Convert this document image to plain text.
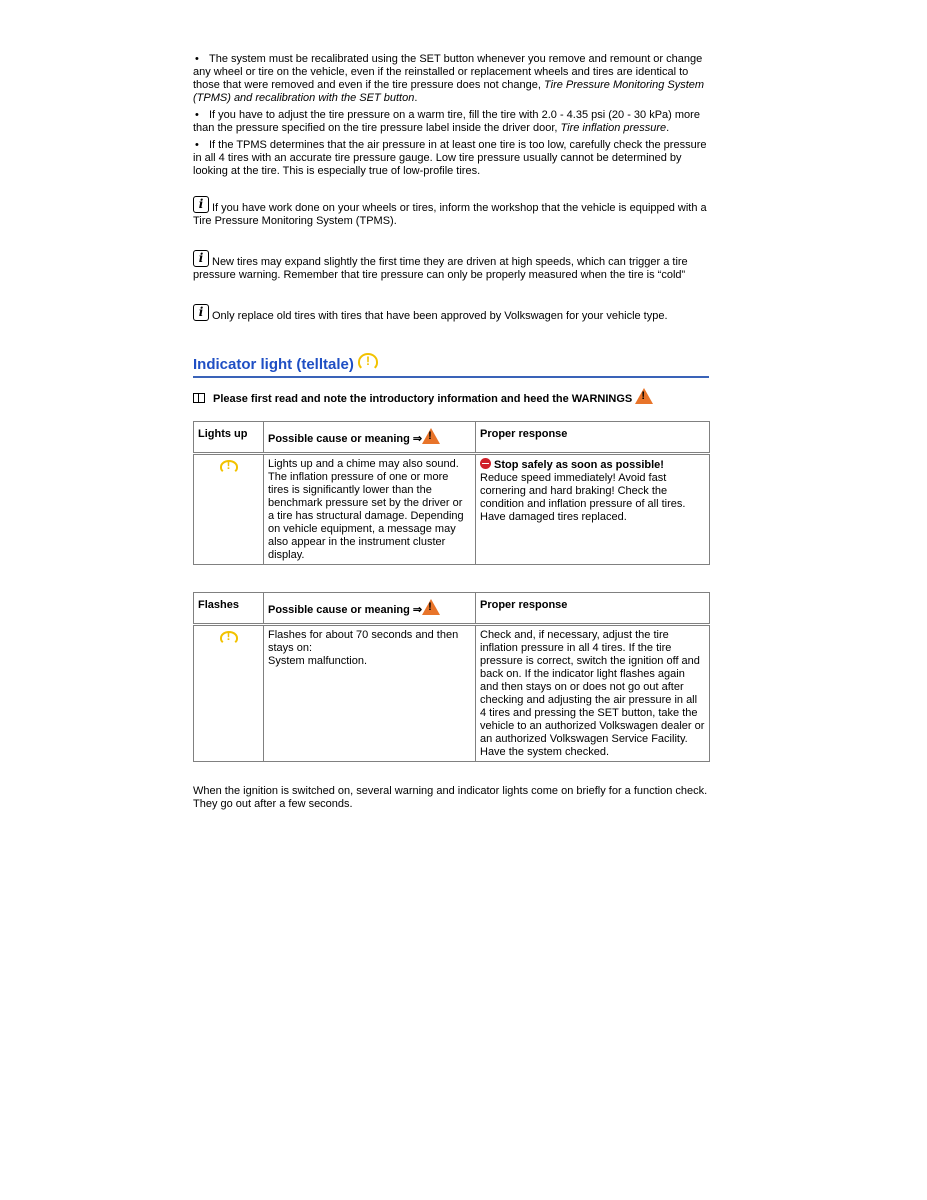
• The system must be recalibrated using the SET button whenever you remove and remount or change any wheel or tire on the vehicle, even if the reinstalled or replacement wheels and tires are identical to those that were removed and even if the tire pressure does not change, Tire Pressure Monitoring System (TPMS) and recalibration with the SET button.

• If you have to adjust the tire pressure on a warm tire, fill the tire with 2.0 - 4.35 psi (20 - 30 kPa) more than the pressure specified on the tire pressure label inside the driver door, Tire inflation pressure.

• If the TPMS determines that the air pressure in at least one tire is too low, carefully check the pressure in all 4 tires with an accurate tire pressure gauge. Low tire pressure usually cannot be determined by looking at the tire. This is especially true of low-profile tires.

iIf you have work done on your wheels or tires, inform the workshop that the vehicle is equipped with a Tire Pressure Monitoring System (TPMS).

iNew tires may expand slightly the first time they are driven at high speeds, which can trigger a tire pressure warning. Remember that tire pressure can only be properly measured when the tire is “cold”

iOnly replace old tires with tires that have been approved by Volkswagen for your vehicle type.

Indicator light (telltale) !

Please first read and note the introductory information and heed the WARNINGS !

Lights up	Possible cause or meaning ⇒!	Proper response
!	Lights up and a chime may also sound. The inflation pressure of one or more tires is significantly lower than the benchmark pressure set by the driver or a tire has structural damage. Depending on vehicle equipment, a message may also appear in the instrument cluster display.	Stop safely as soon as possible!
Reduce speed immediately! Avoid fast cornering and hard braking! Check the condition and inflation pressure of all tires. Have damaged tires replaced.
Flashes	Possible cause or meaning ⇒!	Proper response
!	Flashes for about 70 seconds and then stays on:
System malfunction.	Check and, if necessary, adjust the tire inflation pressure in all 4 tires. If the tire pressure is correct, switch the ignition off and back on. If the indicator light flashes again and then stays on or does not go out after checking and adjusting the air pressure in all 4 tires and pressing the SET button, take the vehicle to an authorized Volkswagen dealer or an authorized Volkswagen Service Facility. Have the system checked.

When the ignition is switched on, several warning and indicator lights come on briefly for a function check. They go out after a few seconds.
